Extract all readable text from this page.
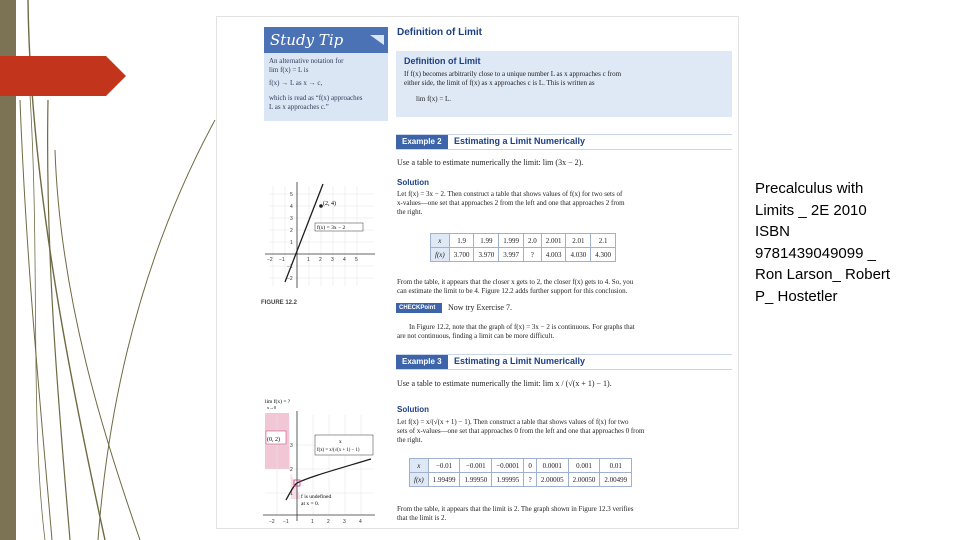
Study Tip
An alternative notation for
lim f(x) = L is
f(x) → L as x → c,
which is read as “f(x) approaches
L as x approaches c.”
Definition of Limit
Definition of Limit
If f(x) becomes arbitrarily close to a unique number L as x approaches c from
either side, the limit of f(x) as x approaches c is L. This is written as
lim f(x) = L.
Example 2	Estimating a Limit Numerically
Use a table to estimate numerically the limit: lim (3x − 2).
Solution
Let f(x) = 3x − 2. Then construct a table that shows values of f(x) for two sets of
x-values—one set that approaches 2 from the left and one that approaches 2 from
the right.
x	1.9	1.99	1.999	2.0	2.001	2.01	2.1
f(x)	3.700	3.970	3.997	?	4.003	4.030	4.300
From the table, it appears that the closer x gets to 2, the closer f(x) gets to 4. So, you
can estimate the limit to be 4. Figure 12.2 adds further support for this conclusion.
(2, 4)
f(x) = 3x − 2
5
4
3
2
1
−1
−2
−2 −1	1 2 3 4 5
FIGURE 12.2
CHECKPoint	Now try Exercise 7.
In Figure 12.2, note that the graph of f(x) = 3x − 2 is continuous. For graphs that
are not continuous, finding a limit can be more difficult.
Example 3	Estimating a Limit Numerically
Use a table to estimate numerically the limit: lim x / (√(x + 1) − 1).
Solution
Let f(x) = x/(√(x + 1) − 1). Then construct a table that shows values of f(x) for two
sets of x-values—one set that approaches 0 from the left and one that approaches 0 from
the right.
x	−0.01	−0.001	−0.0001	0	0.0001	0.001	0.01
f(x)	1.99499	1.99950	1.99995	?	2.00005	2.00050	2.00499
From the table, it appears that the limit is 2. The graph shown in Figure 12.3 verifies
that the limit is 2.
(0, 2)
lim f(x) = ?
x→0
x
f(x) = x/(√(x + 1) − 1)
f is undefined
at x = 0.
3
2
1
−2 −1	1	2	3	4
Precalculus with
Limits _ 2E 2010
ISBN
9781439049099 _
Ron Larson_ Robert
P_ Hostetler
